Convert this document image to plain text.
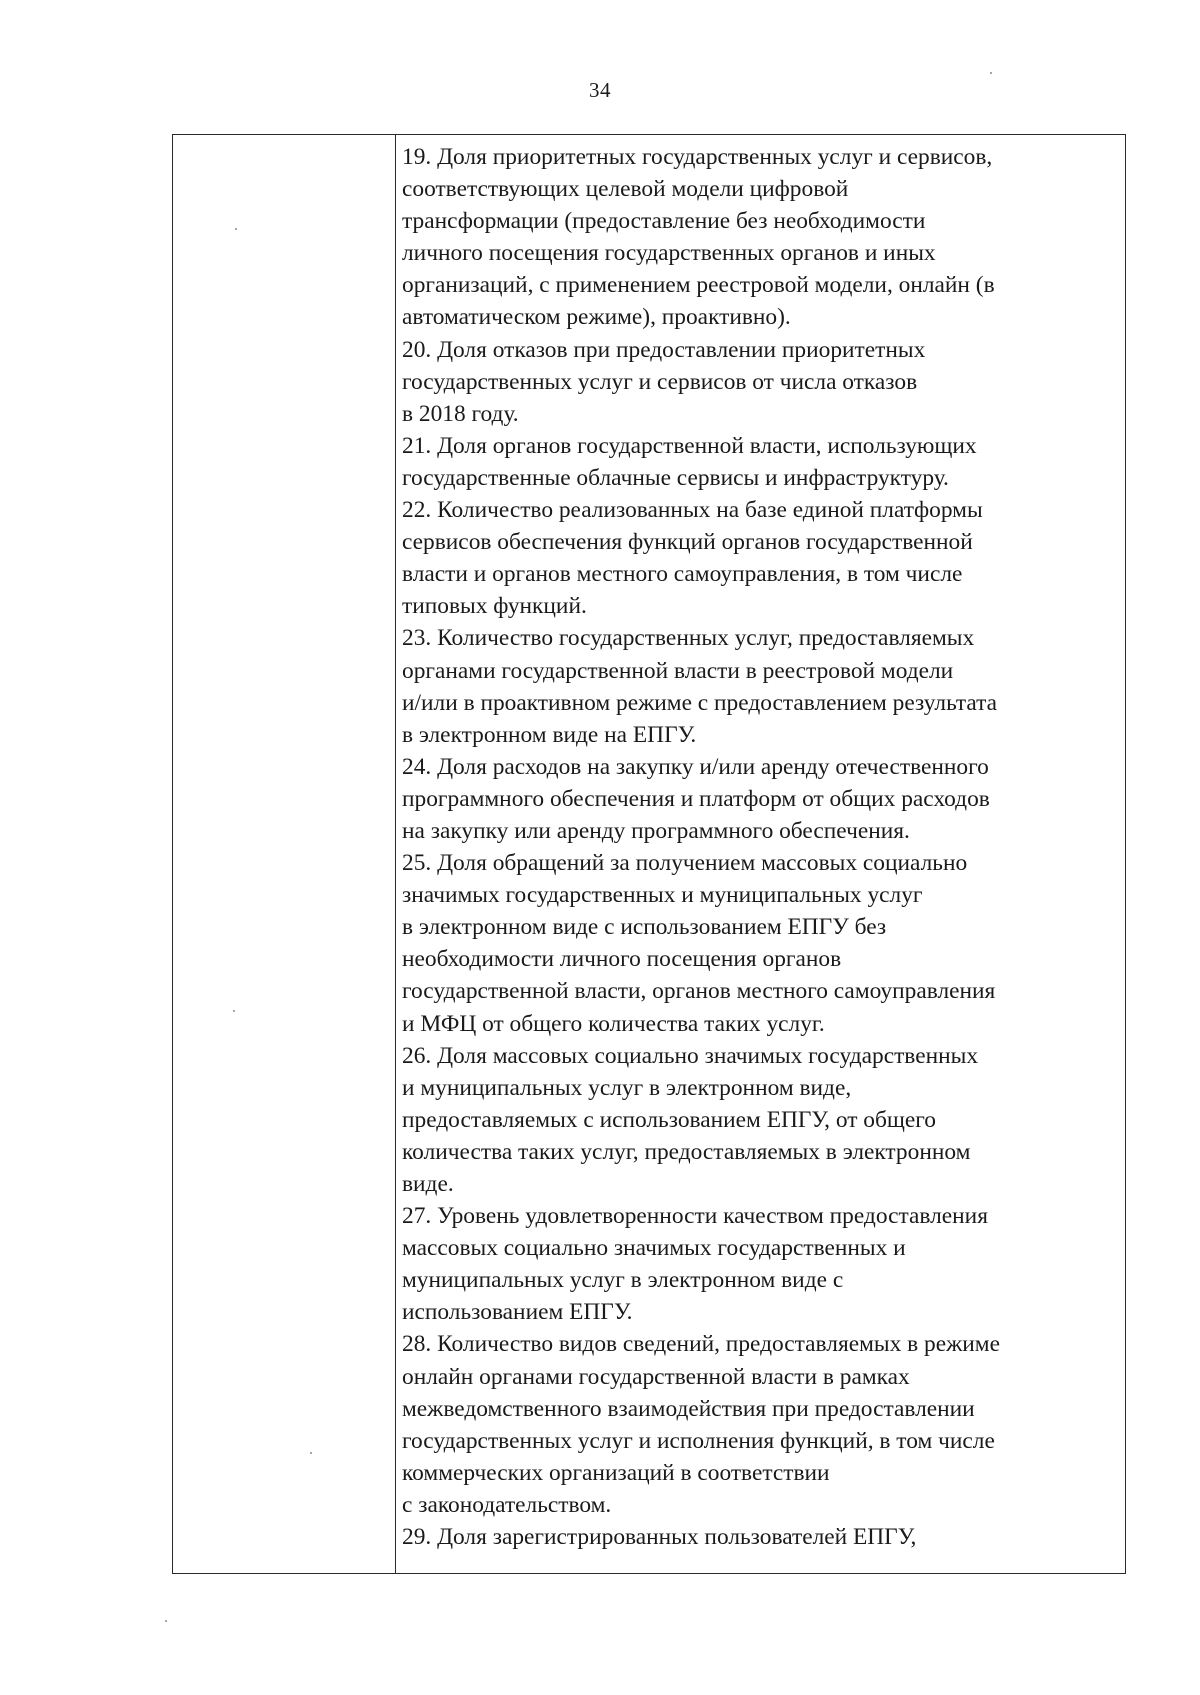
34

19. Доля приоритетных государственных услуг и сервисов,
соответствующих целевой модели цифровой
трансформации (предоставление без необходимости
личного посещения государственных органов и иных
организаций, с применением реестровой модели, онлайн (в
автоматическом режиме), проактивно).

20. Доля отказов при предоставлении приоритетных
государственных услуг и сервисов от числа отказов
в 2018 году.

21. Доля органов государственной власти, использующих
государственные облачные сервисы и инфраструктуру.

22. Количество реализованных на базе единой платформы
сервисов обеспечения функций органов государственной
власти и органов местного самоуправления, в том числе
типовых функций.

23. Количество государственных услуг, предоставляемых
органами государственной власти в реестровой модели
и/или в проактивном режиме с предоставлением результата
в электронном виде на ЕПГУ.

24. Доля расходов на закупку и/или аренду отечественного
программного обеспечения и платформ от общих расходов
на закупку или аренду программного обеспечения.

25. Доля обращений за получением массовых социально
значимых государственных и муниципальных услуг
в электронном виде с использованием ЕПГУ без
необходимости личного посещения органов
государственной власти, органов местного самоуправления
и МФЦ от общего количества таких услуг.

26. Доля массовых социально значимых государственных
и муниципальных услуг в электронном виде,
предоставляемых с использованием ЕПГУ, от общего
количества таких услуг, предоставляемых в электронном
виде.

27. Уровень удовлетворенности качеством предоставления
массовых социально значимых государственных и
муниципальных услуг в электронном виде с
использованием ЕПГУ.

28. Количество видов сведений, предоставляемых в режиме
онлайн органами государственной власти в рамках
межведомственного взаимодействия при предоставлении
государственных услуг и исполнения функций, в том числе
коммерческих организаций в соответствии
с законодательством.

29. Доля зарегистрированных пользователей ЕПГУ,
